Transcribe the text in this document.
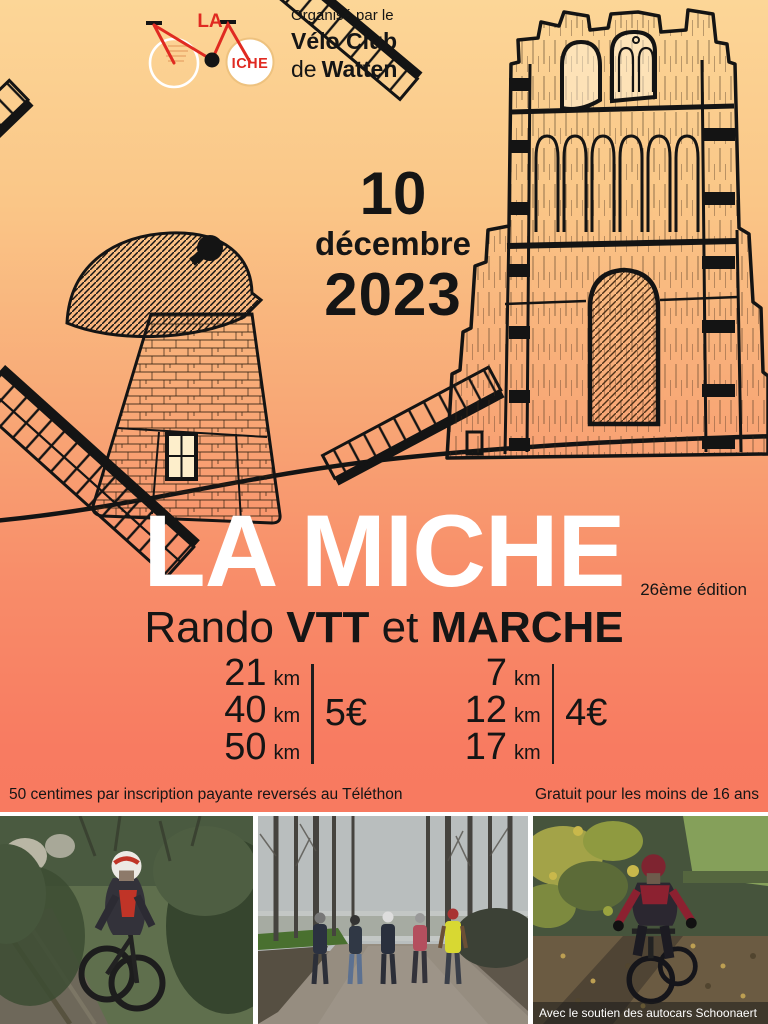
LA
ICHE
Organisé par le
Vélo Club
de Watten
10
décembre
2023
LA MICHE 26ème édition
Rando VTT et MARCHE
21 km
40 km
50 km
5€
7 km
12 km
17 km
4€
50 centimes par inscription payante reversés au Téléthon	Gratuit pour les moins de 16 ans
Avec le soutien des autocars Schoonaert
